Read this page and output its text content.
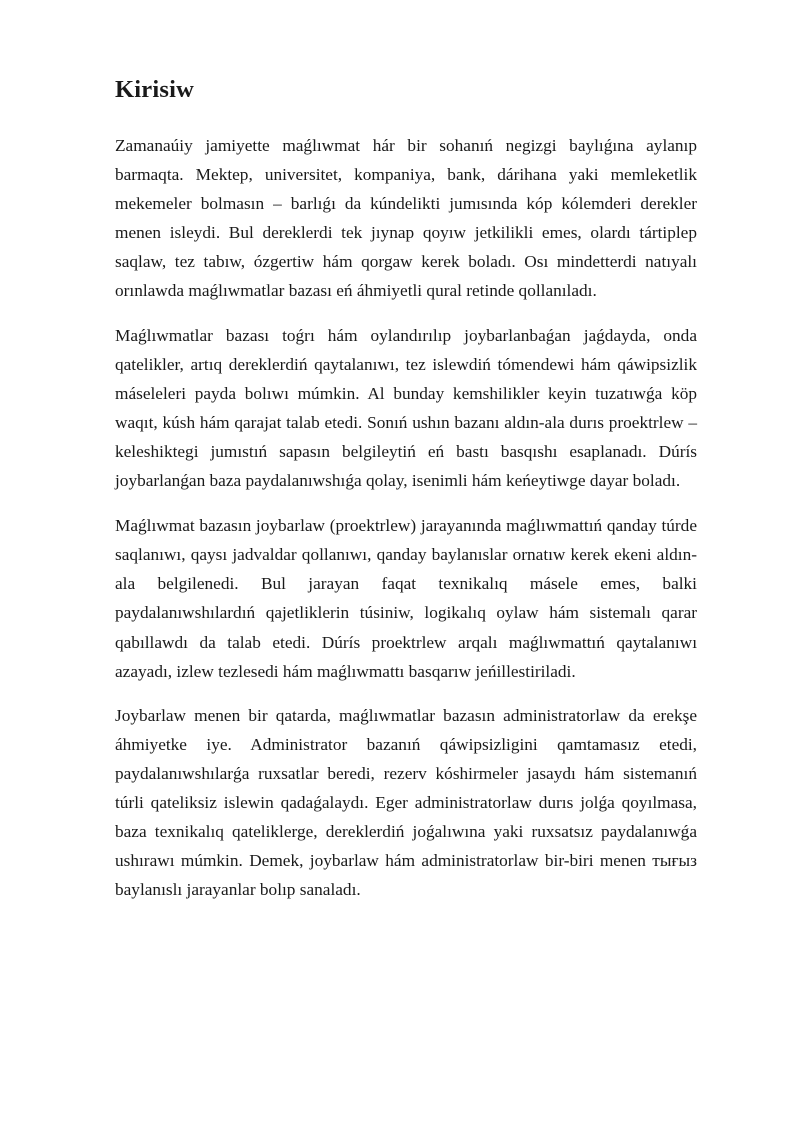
Kirisiw

Zamanaúiy jamiyette maǵlıwmat hár bir sohanıń negizgi baylıǵına aylanıp barmaqta. Mektep, universitet, kompaniya, bank, dárihana yaki memleketlik mekemeler bolmasın – barlıǵı da kúndelikti jumısında kóp kólemderi derekler menen isleydi. Bul dereklerdi tek jıynap qoyıw jetkilikli emes, olardı tártiplep saqlaw, tez tabıw, ózgertiw hám qorgaw kerek boladı. Osı mindetterdi natıyalı orınlawda maǵlıwmatlar bazası eń áhmiyetli qural retinde qollanıladı.

Maǵlıwmatlar bazası toǵrı hám oylandırılıp joybarlanbaǵan jaǵdayda, onda qatelikler, artıq dereklerdiń qaytalanıwı, tez islewdiń tómendewi hám qáwipsizlik máseleleri payda bolıwı múmkin. Al bunday kemshilikler keyin tuzatıwǵa köp waqıt, kúsh hám qarajat talab etedi. Sonıń ushın bazanı aldın-ala durıs proektrlew – keleshiktegi jumıstıń sapasın belgileytiń eń bastı basqıshı esaplanadı. Dúrís joybarlanǵan baza paydalanıwshıǵa qolay, isenimli hám keńeytiwge dayar boladı.

Maǵlıwmat bazasın joybarlaw (proektrlew) jarayanında maǵlıwmattıń qanday túrde saqlanıwı, qaysı jadvaldar qollanıwı, qanday baylanıslar ornatıw kerek ekeni aldın-ala belgilenedi. Bul jarayan faqat texnikalıq másele emes, balki paydalanıwshılardıń qajetliklerin túsiniw, logikalıq oylaw hám sistemalı qarar qabıllawdı da talab etedi. Dúrís proektrlew arqalı maǵlıwmattıń qaytalanıwı azayadı, izlew tezlesedi hám maǵlıwmattı basqarıw jeńillestiriladi.

Joybarlaw menen bir qatarda, maǵlıwmatlar bazasın administratorlaw da erekşe áhmiyetke iye. Administrator bazanıń qáwipsizligini qamtamasız etedi, paydalanıwshılarǵa ruxsatlar beredi, rezerv kóshirmeler jasaydı hám sistemanıń túrli qateliksiz islewin qadaǵalaydı. Eger administratorlaw durıs jolǵa qoyılmasa, baza texnikalıq qateliklerge, dereklerdiń joǵalıwına yaki ruxsatsız paydalanıwǵa ushırawı múmkin. Demek, joybarlaw hám administratorlaw bir-biri menen тығыз baylanıslı jarayanlar bolıp sanaladı.
